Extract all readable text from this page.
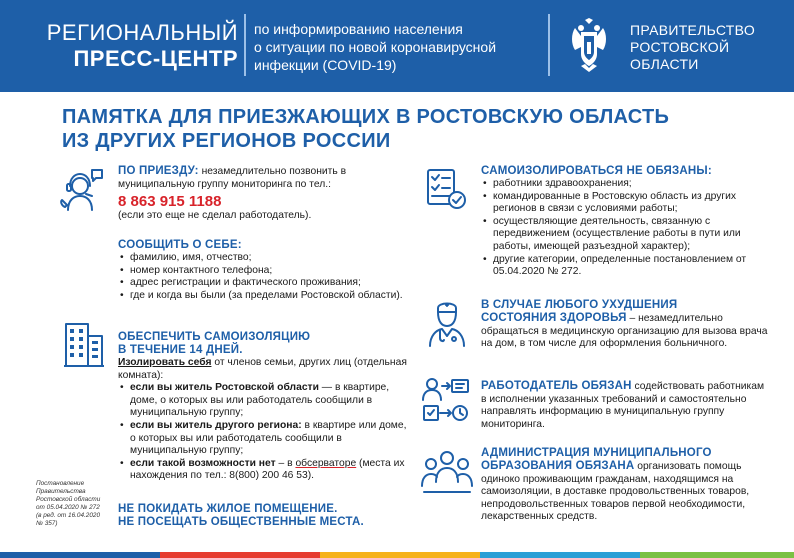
РЕГИОНАЛЬНЫЙ
ПРЕСС-ЦЕНТР
по информированию населения
о ситуации по новой коронавирусной
инфекции (COVID-19)
ПРАВИТЕЛЬСТВО
РОСТОВСКОЙ
ОБЛАСТИ
ПАМЯТКА ДЛЯ ПРИЕЗЖАЮЩИХ В РОСТОВСКУЮ ОБЛАСТЬ
ИЗ ДРУГИХ РЕГИОНОВ РОССИИ
ПО ПРИЕЗДУ: незамедлительно позвонить в муниципальную группу мониторинга по тел.:
8 863 915 1188
(если это еще не сделал работодатель).
СООБЩИТЬ О СЕБЕ:
• фамилию, имя, отчество;
• номер контактного телефона;
• адрес регистрации и фактического проживания;
• где и когда вы были (за пределами Ростовской области).
ОБЕСПЕЧИТЬ САМОИЗОЛЯЦИЮ
В ТЕЧЕНИЕ 14 ДНЕЙ.
Изолировать себя от членов семьи, других лиц (отдельная комната):
• если вы житель Ростовской области — в квартире, доме, о которых вы или работодатель сообщили в муниципальную группу;
• если вы житель другого региона: в квартире или доме, о которых вы или работодатель сообщили в муниципальную группу;
• если такой возможности нет – в обсерваторе (места их нахождения по тел.: 8(800) 200 46 53).
НЕ ПОКИДАТЬ ЖИЛОЕ ПОМЕЩЕНИЕ.
НЕ ПОСЕЩАТЬ ОБЩЕСТВЕННЫЕ МЕСТА.
САМОИЗОЛИРОВАТЬСЯ НЕ ОБЯЗАНЫ:
• работники здравоохранения;
• командированные в Ростовскую область из других регионов в связи с условиями работы;
• осуществляющие деятельность, связанную с передвижением (осуществление работы в пути или работы, имеющей разъездной характер);
• другие категории, определенные постановлением от 05.04.2020 № 272.
В СЛУЧАЕ ЛЮБОГО УХУДШЕНИЯ
СОСТОЯНИЯ ЗДОРОВЬЯ – незамедлительно обращаться в медицинскую организацию для вызова врача на дом, в том числе для оформления больничного.
РАБОТОДАТЕЛЬ ОБЯЗАН содействовать работникам в исполнении указанных требований и самостоятельно направлять информацию в муниципальную группу мониторинга.
АДМИНИСТРАЦИЯ МУНИЦИПАЛЬНОГО
ОБРАЗОВАНИЯ ОБЯЗАНА организовать помощь одиноко проживающим гражданам, находящимся на самоизоляции, в доставке продовольственных товаров, непродовольственных товаров первой необходимости, лекарственных средств.
Постановление
Правительства
Ростовской области
от 05.04.2020 № 272
(в ред. от 16.04.2020
№ 357)
